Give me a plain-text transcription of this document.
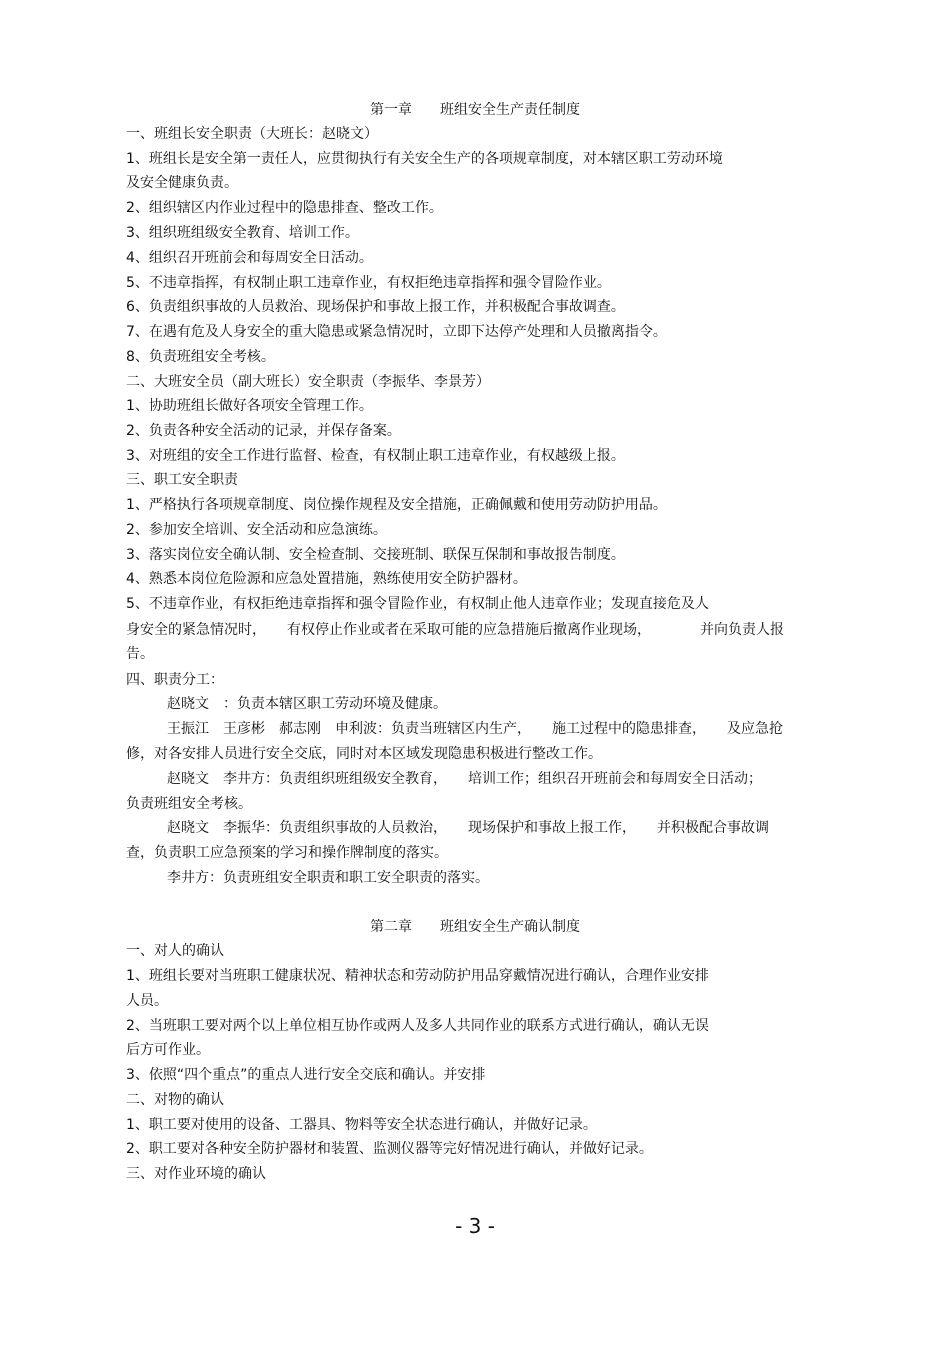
第一章　　班组安全生产责任制度
一、班组长安全职责（大班长：赵晓文）
1、班组长是安全第一责任人，应贯彻执行有关安全生产的各项规章制度，对本辖区职工劳动环境
及安全健康负责。
2、组织辖区内作业过程中的隐患排查、整改工作。
3、组织班组级安全教育、培训工作。
4、组织召开班前会和每周安全日活动。
5、不违章指挥，有权制止职工违章作业，有权拒绝违章指挥和强令冒险作业。
6、负责组织事故的人员救治、现场保护和事故上报工作，并积极配合事故调查。
7、在遇有危及人身安全的重大隐患或紧急情况时，立即下达停产处理和人员撤离指令。
8、负责班组安全考核。
二、大班安全员（副大班长）安全职责（李振华、李景芳）
1、协助班组长做好各项安全管理工作。
2、负责各种安全活动的记录，并保存备案。
3、对班组的安全工作进行监督、检查，有权制止职工违章作业，有权越级上报。
三、职工安全职责
1、严格执行各项规章制度、岗位操作规程及安全措施，正确佩戴和使用劳动防护用品。
2、参加安全培训、安全活动和应急演练。
3、落实岗位安全确认制、安全检查制、交接班制、联保互保制和事故报告制度。
4、熟悉本岗位危险源和应急处置措施，熟练使用安全防护器材。
5、不违章作业，有权拒绝违章指挥和强令冒险作业，有权制止他人违章作业；发现直接危及人
身安全的紧急情况时，　　有权停止作业或者在采取可能的应急措施后撤离作业现场，　　　　并向负责人报
告。
四、职责分工：
赵晓文　：负责本辖区职工劳动环境及健康。
王振江　王彦彬　郝志刚　申利波：负责当班辖区内生产，　　施工过程中的隐患排查，　　及应急抢
修，对各安排人员进行安全交底，同时对本区域发现隐患积极进行整改工作。
赵晓文　李井方：负责组织班组级安全教育，　　培训工作；组织召开班前会和每周安全日活动；
负责班组安全考核。
赵晓文　李振华：负责组织事故的人员救治，　　现场保护和事故上报工作，　　并积极配合事故调
查，负责职工应急预案的学习和操作牌制度的落实。
李井方：负责班组安全职责和职工安全职责的落实。
第二章　　班组安全生产确认制度
一、对人的确认
1、班组长要对当班职工健康状况、精神状态和劳动防护用品穿戴情况进行确认，合理作业安排
人员。
2、当班职工要对两个以上单位相互协作或两人及多人共同作业的联系方式进行确认，确认无误
后方可作业。
3、依照“四个重点”的重点人进行安全交底和确认。并安排
二、对物的确认
1、职工要对使用的设备、工器具、物料等安全状态进行确认，并做好记录。
2、职工要对各种安全防护器材和装置、监测仪器等完好情况进行确认，并做好记录。
三、对作业环境的确认
- 3 -
